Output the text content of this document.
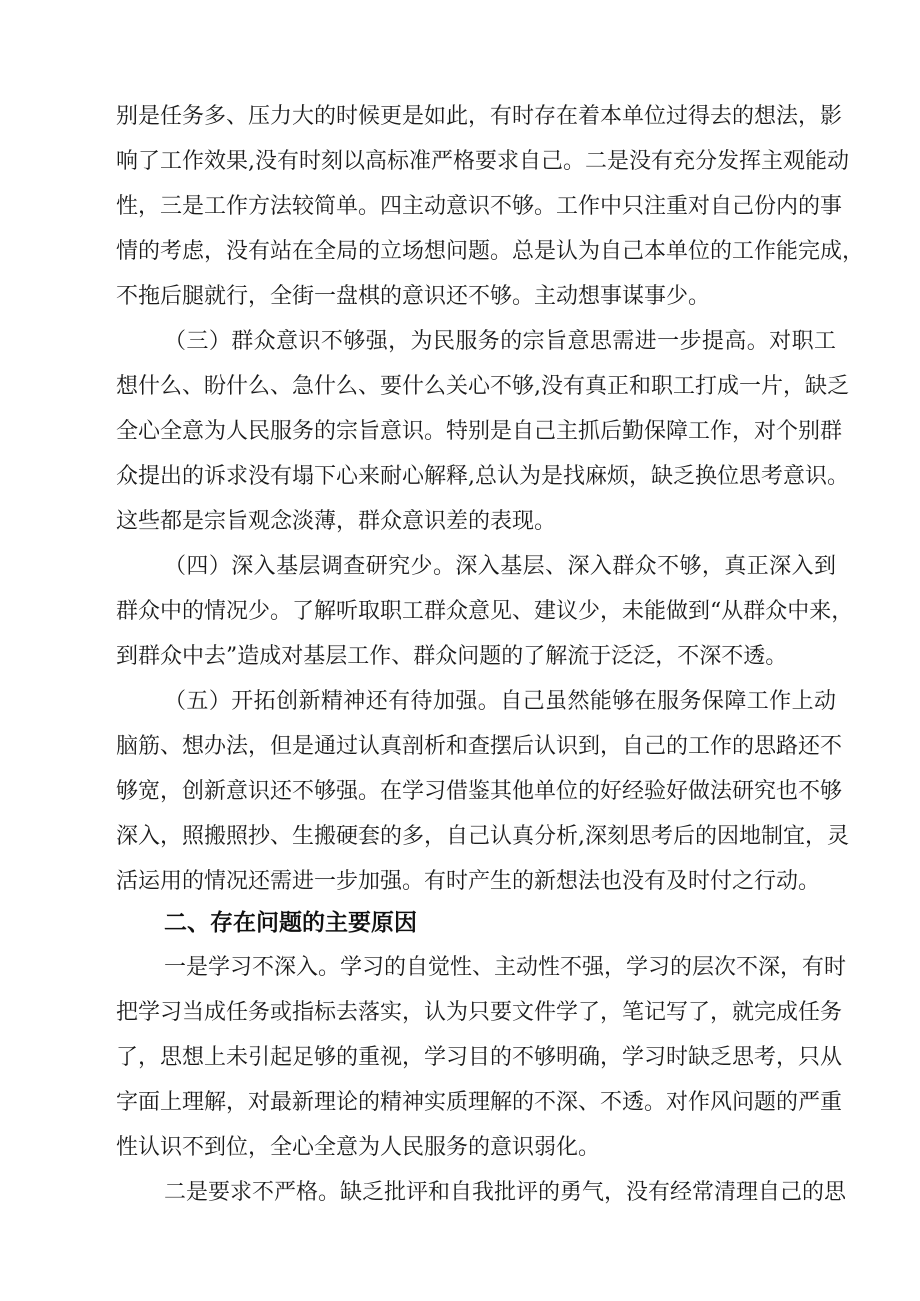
别是任务多、压力大的时候更是如此，有时存在着本单位过得去的想法，影
响了工作效果,没有时刻以高标准严格要求自己。二是没有充分发挥主观能动
性，三是工作方法较简单。四主动意识不够。工作中只注重对自己份内的事
情的考虑，没有站在全局的立场想问题。总是认为自己本单位的工作能完成，
不拖后腿就行，全街一盘棋的意识还不够。主动想事谋事少。
（三）群众意识不够强，为民服务的宗旨意思需进一步提高。对职工
想什么、盼什么、急什么、要什么关心不够,没有真正和职工打成一片，缺乏
全心全意为人民服务的宗旨意识。特别是自己主抓后勤保障工作，对个别群
众提出的诉求没有塌下心来耐心解释,总认为是找麻烦，缺乏换位思考意识。
这些都是宗旨观念淡薄，群众意识差的表现。
（四）深入基层调查研究少。深入基层、深入群众不够，真正深入到
群众中的情况少。了解听取职工群众意见、建议少，未能做到“从群众中来，
到群众中去”造成对基层工作、群众问题的了解流于泛泛，不深不透。
（五）开拓创新精神还有待加强。自己虽然能够在服务保障工作上动
脑筋、想办法，但是通过认真剖析和查摆后认识到，自己的工作的思路还不
够宽，创新意识还不够强。在学习借鉴其他单位的好经验好做法研究也不够
深入，照搬照抄、生搬硬套的多，自己认真分析,深刻思考后的因地制宜，灵
活运用的情况还需进一步加强。有时产生的新想法也没有及时付之行动。
二、存在问题的主要原因
一是学习不深入。学习的自觉性、主动性不强，学习的层次不深，有时
把学习当成任务或指标去落实，认为只要文件学了，笔记写了，就完成任务
了，思想上未引起足够的重视，学习目的不够明确，学习时缺乏思考，只从
字面上理解，对最新理论的精神实质理解的不深、不透。对作风问题的严重
性认识不到位，全心全意为人民服务的意识弱化。
二是要求不严格。缺乏批评和自我批评的勇气，没有经常清理自己的思
